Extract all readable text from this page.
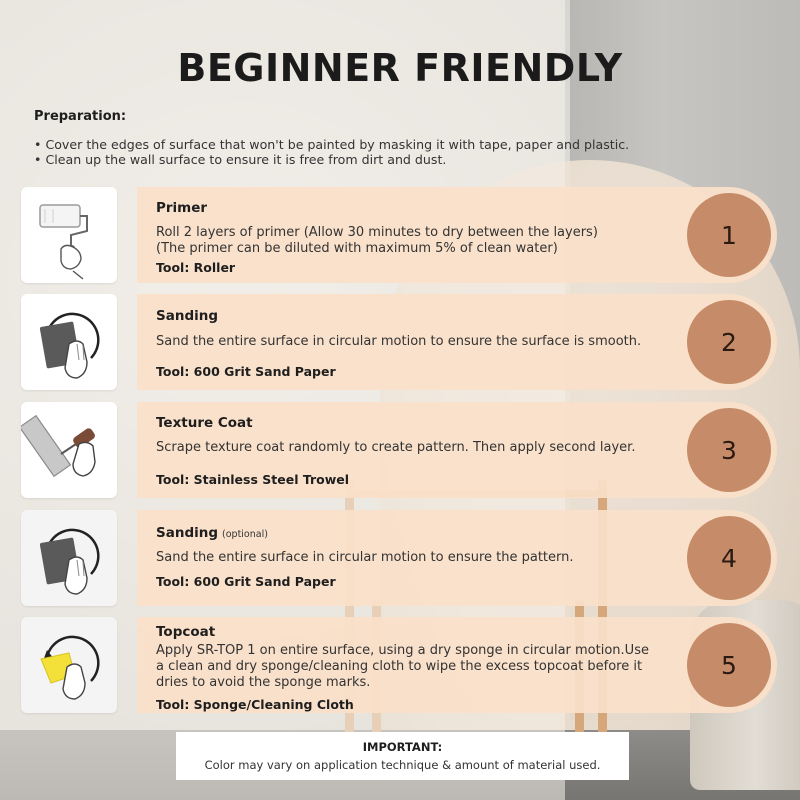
BEGINNER FRIENDLY
Preparation:
• Cover the edges of surface that won't be painted by masking it with tape, paper and plastic.
• Clean up the wall surface to ensure it is free from dirt and dust.
Primer
Roll 2 layers of primer (Allow 30 minutes to dry between the layers)
(The primer can be diluted with maximum 5% of clean water)
Tool: Roller
1
Sanding
Sand the entire surface in circular motion to ensure the surface is smooth.
Tool: 600 Grit Sand Paper
2
Texture Coat
Scrape texture coat randomly to create pattern. Then apply second layer.
Tool: Stainless Steel Trowel
3
Sanding (optional)
Sand the entire surface in circular motion to ensure the pattern.
Tool: 600 Grit Sand Paper
4
Topcoat
Apply SR-TOP 1 on entire surface, using a dry sponge in circular motion.Use
a clean and dry sponge/cleaning cloth to wipe the excess topcoat before it
dries to avoid the sponge marks.
Tool: Sponge/Cleaning Cloth
5
IMPORTANT:
Color may vary on application technique & amount of material used.
